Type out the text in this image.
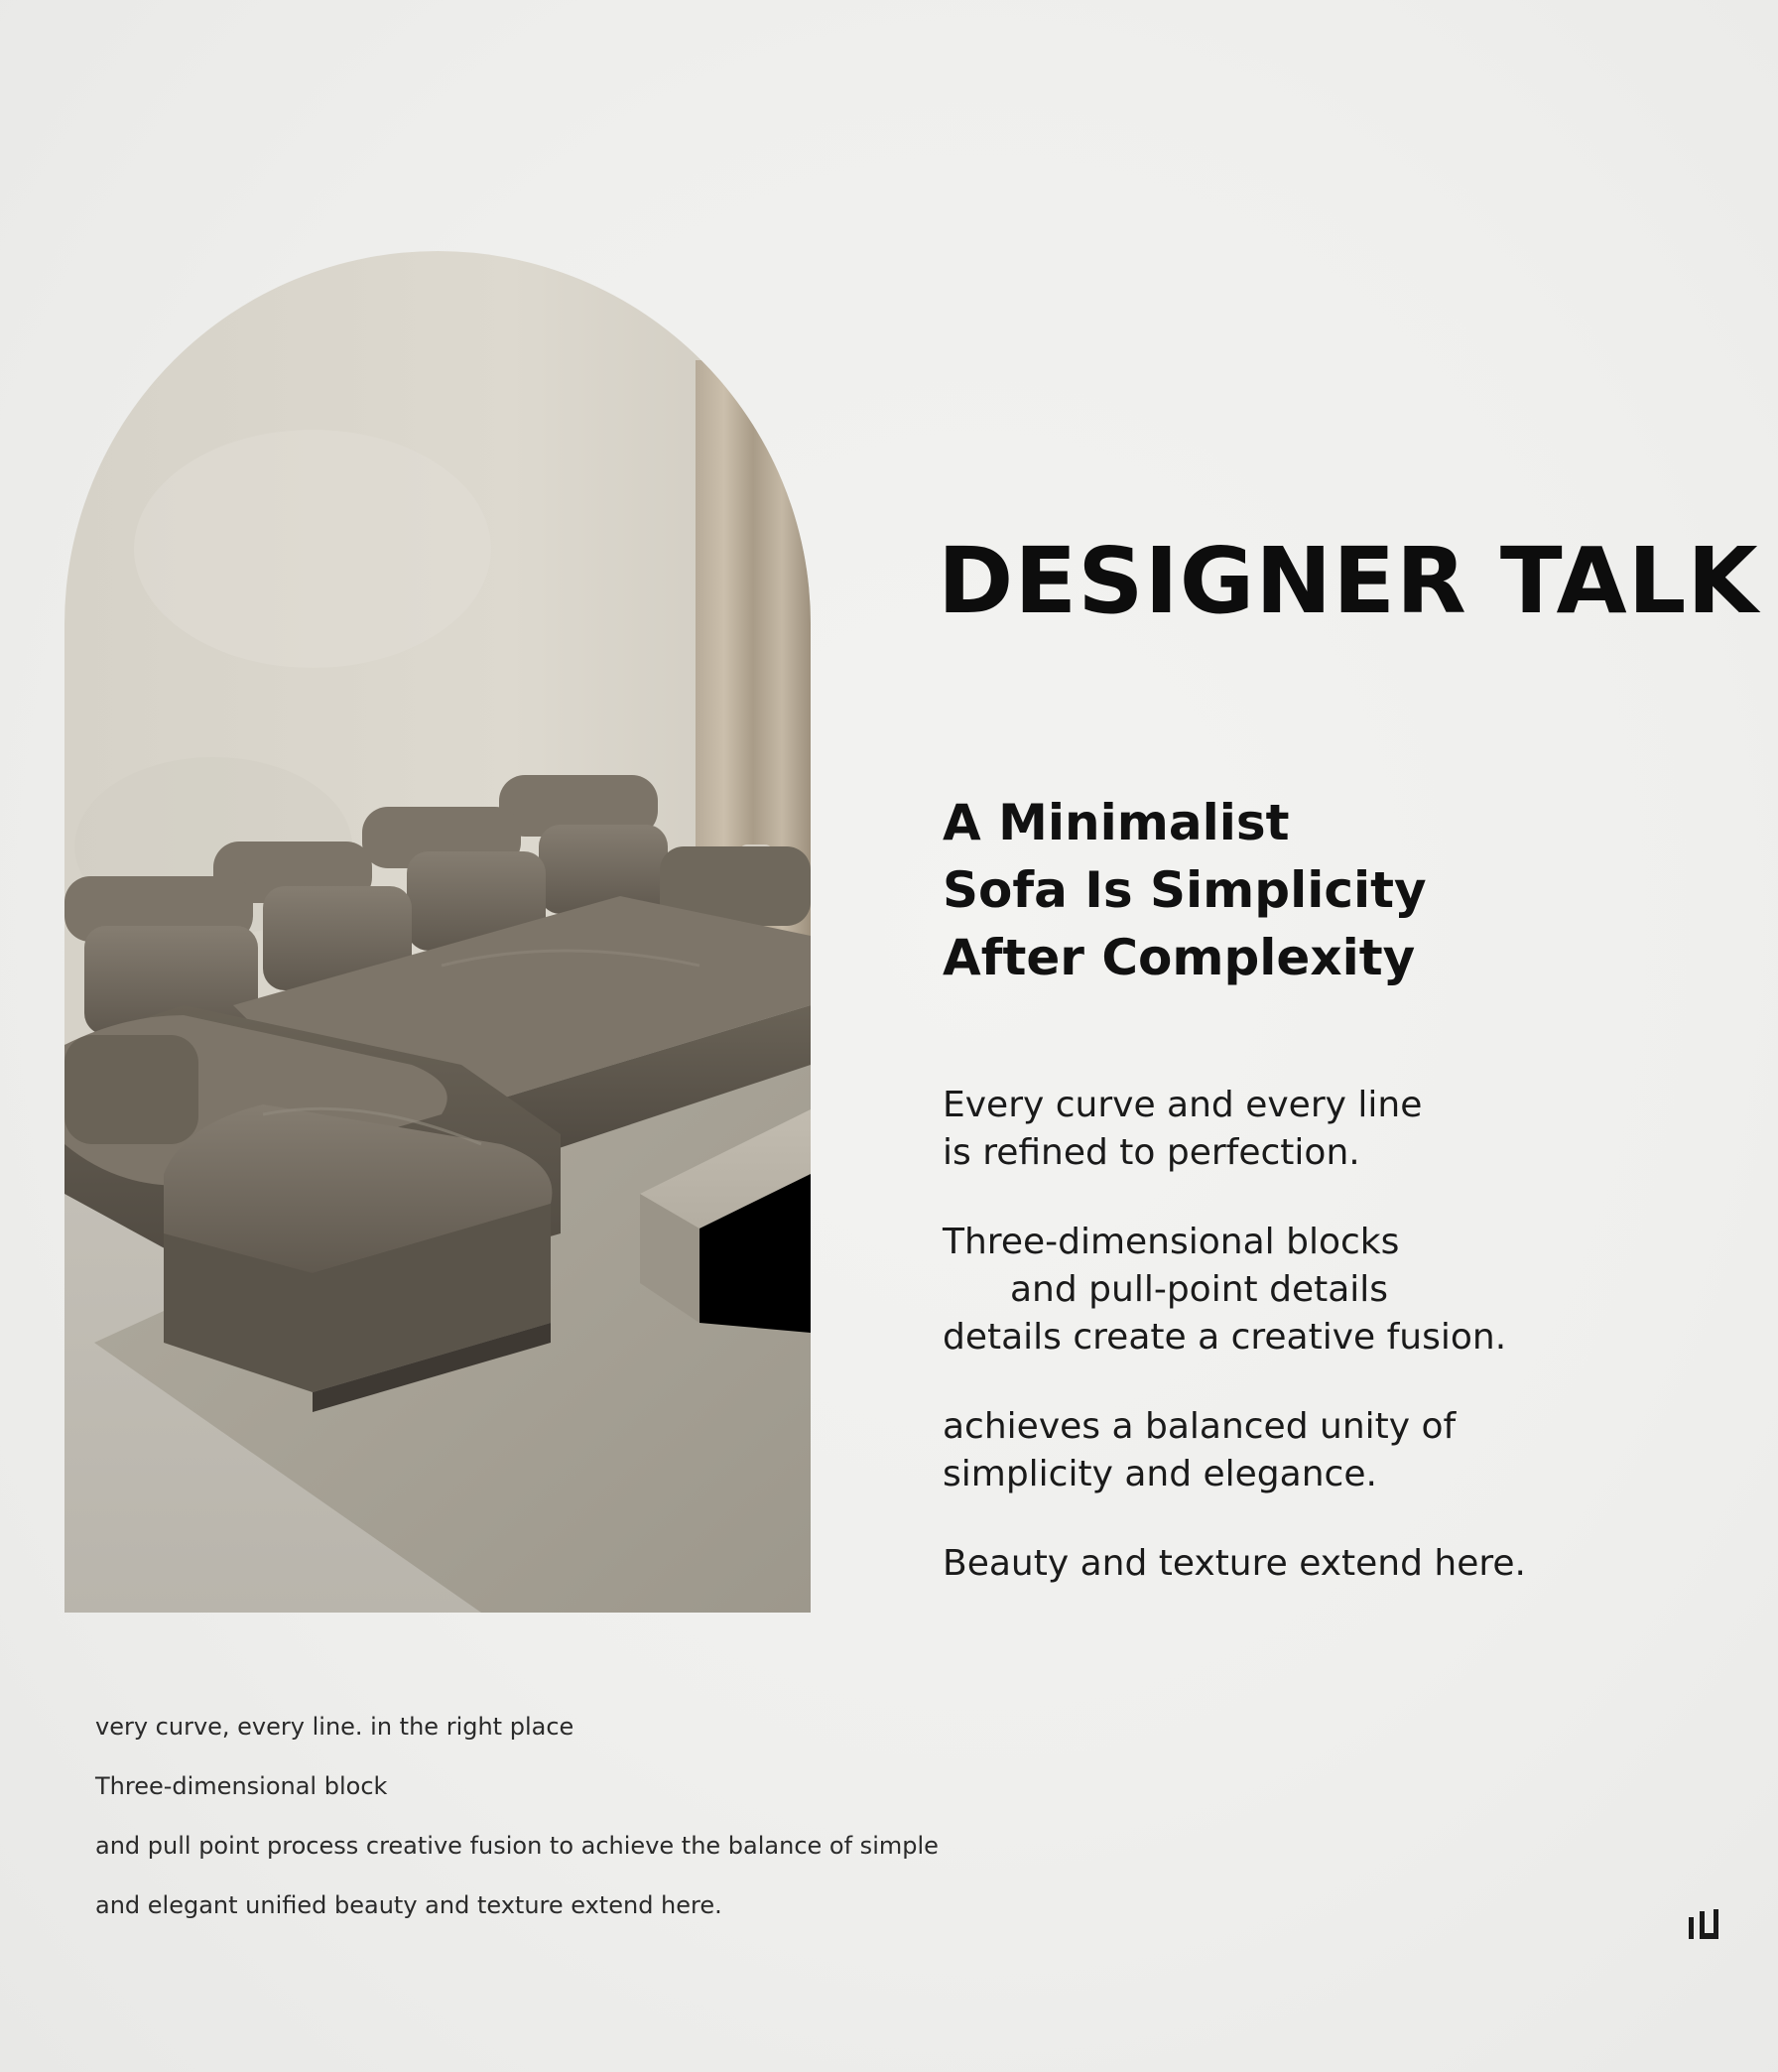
DESIGNER TALK
A Minimalist
Sofa Is Simplicity
After Complexity

Every curve and every line
is refined to perfection.

Three-dimensional blocks
and pull-point details
details create a creative fusion.

achieves a balanced unity of
simplicity and elegance.

Beauty and texture extend here.

very curve, every line. in the right place
Three-dimensional block
and pull point process creative fusion to achieve the balance of simple
and elegant unified beauty and texture extend here.
